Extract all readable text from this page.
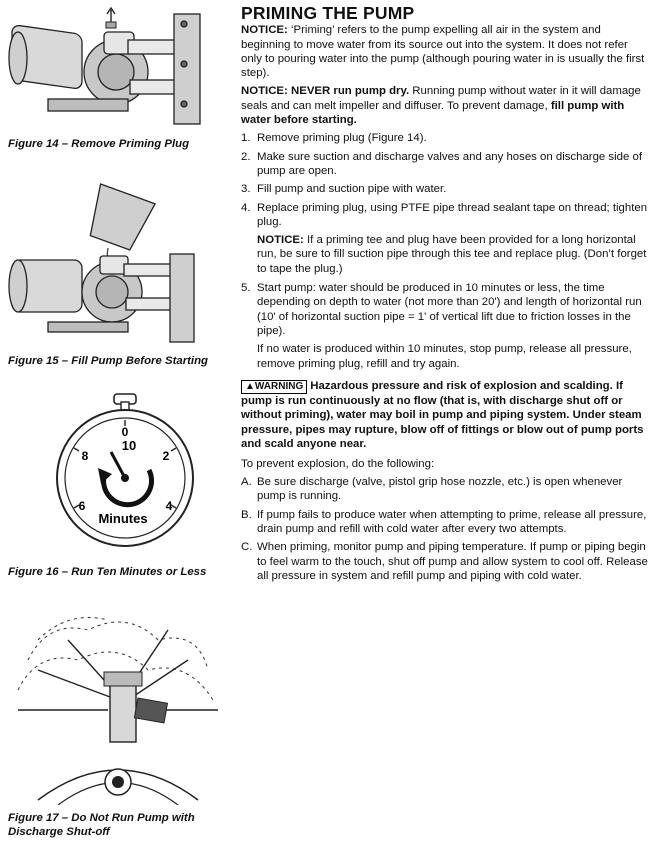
Figure 14 – Remove Priming Plug
Figure 15 – Fill Pump Before Starting
0
10
2
4
6
8
Minutes
Figure 16 – Run Ten Minutes or Less
Figure 17 – Do Not Run Pump with
Discharge Shut-off
PRIMING THE PUMP

NOTICE: ‘Priming’ refers to the pump expelling all air in the system and beginning to move water from its source out into the system. It does not refer only to pouring water into the pump (although pouring water in is usually the first step).

NOTICE: NEVER run pump dry. Running pump without water in it will damage seals and can melt impeller and diffuser. To prevent damage, fill pump with water before starting.

1. Remove priming plug (Figure 14).
2. Make sure suction and discharge valves and any hoses on discharge side of pump are open.
3. Fill pump and suction pipe with water.
4. Replace priming plug, using PTFE pipe thread sealant tape on thread; tighten plug.

NOTICE: If a priming tee and plug have been provided for a long horizontal run, be sure to fill suction pipe through this tee and replace plug. (Don’t forget to tape the plug.)

5. Start pump: water should be produced in 10 minutes or less, the time depending on depth to water (not more than 20') and length of horizontal run (10' of horizontal suction pipe = 1' of vertical lift due to friction losses in the pipe).

If no water is produced within 10 minutes, stop pump, release all pressure, remove priming plug, refill and try again.

▲WARNING Hazardous pressure and risk of explosion and scalding. If pump is run continuously at no flow (that is, with discharge shut off or without priming), water may boil in pump and piping system. Under steam pressure, pipes may rupture, blow off of fittings or blow out of pump ports and scald anyone near.

To prevent explosion, do the following:

A. Be sure discharge (valve, pistol grip hose nozzle, etc.) is open whenever pump is running.
B. If pump fails to produce water when attempting to prime, release all pressure, drain pump and refill with cold water after every two attempts.
C. When priming, monitor pump and piping temperature. If pump or piping begin to feel warm to the touch, shut off pump and allow system to cool off. Release all pressure in system and refill pump and piping with cold water.
